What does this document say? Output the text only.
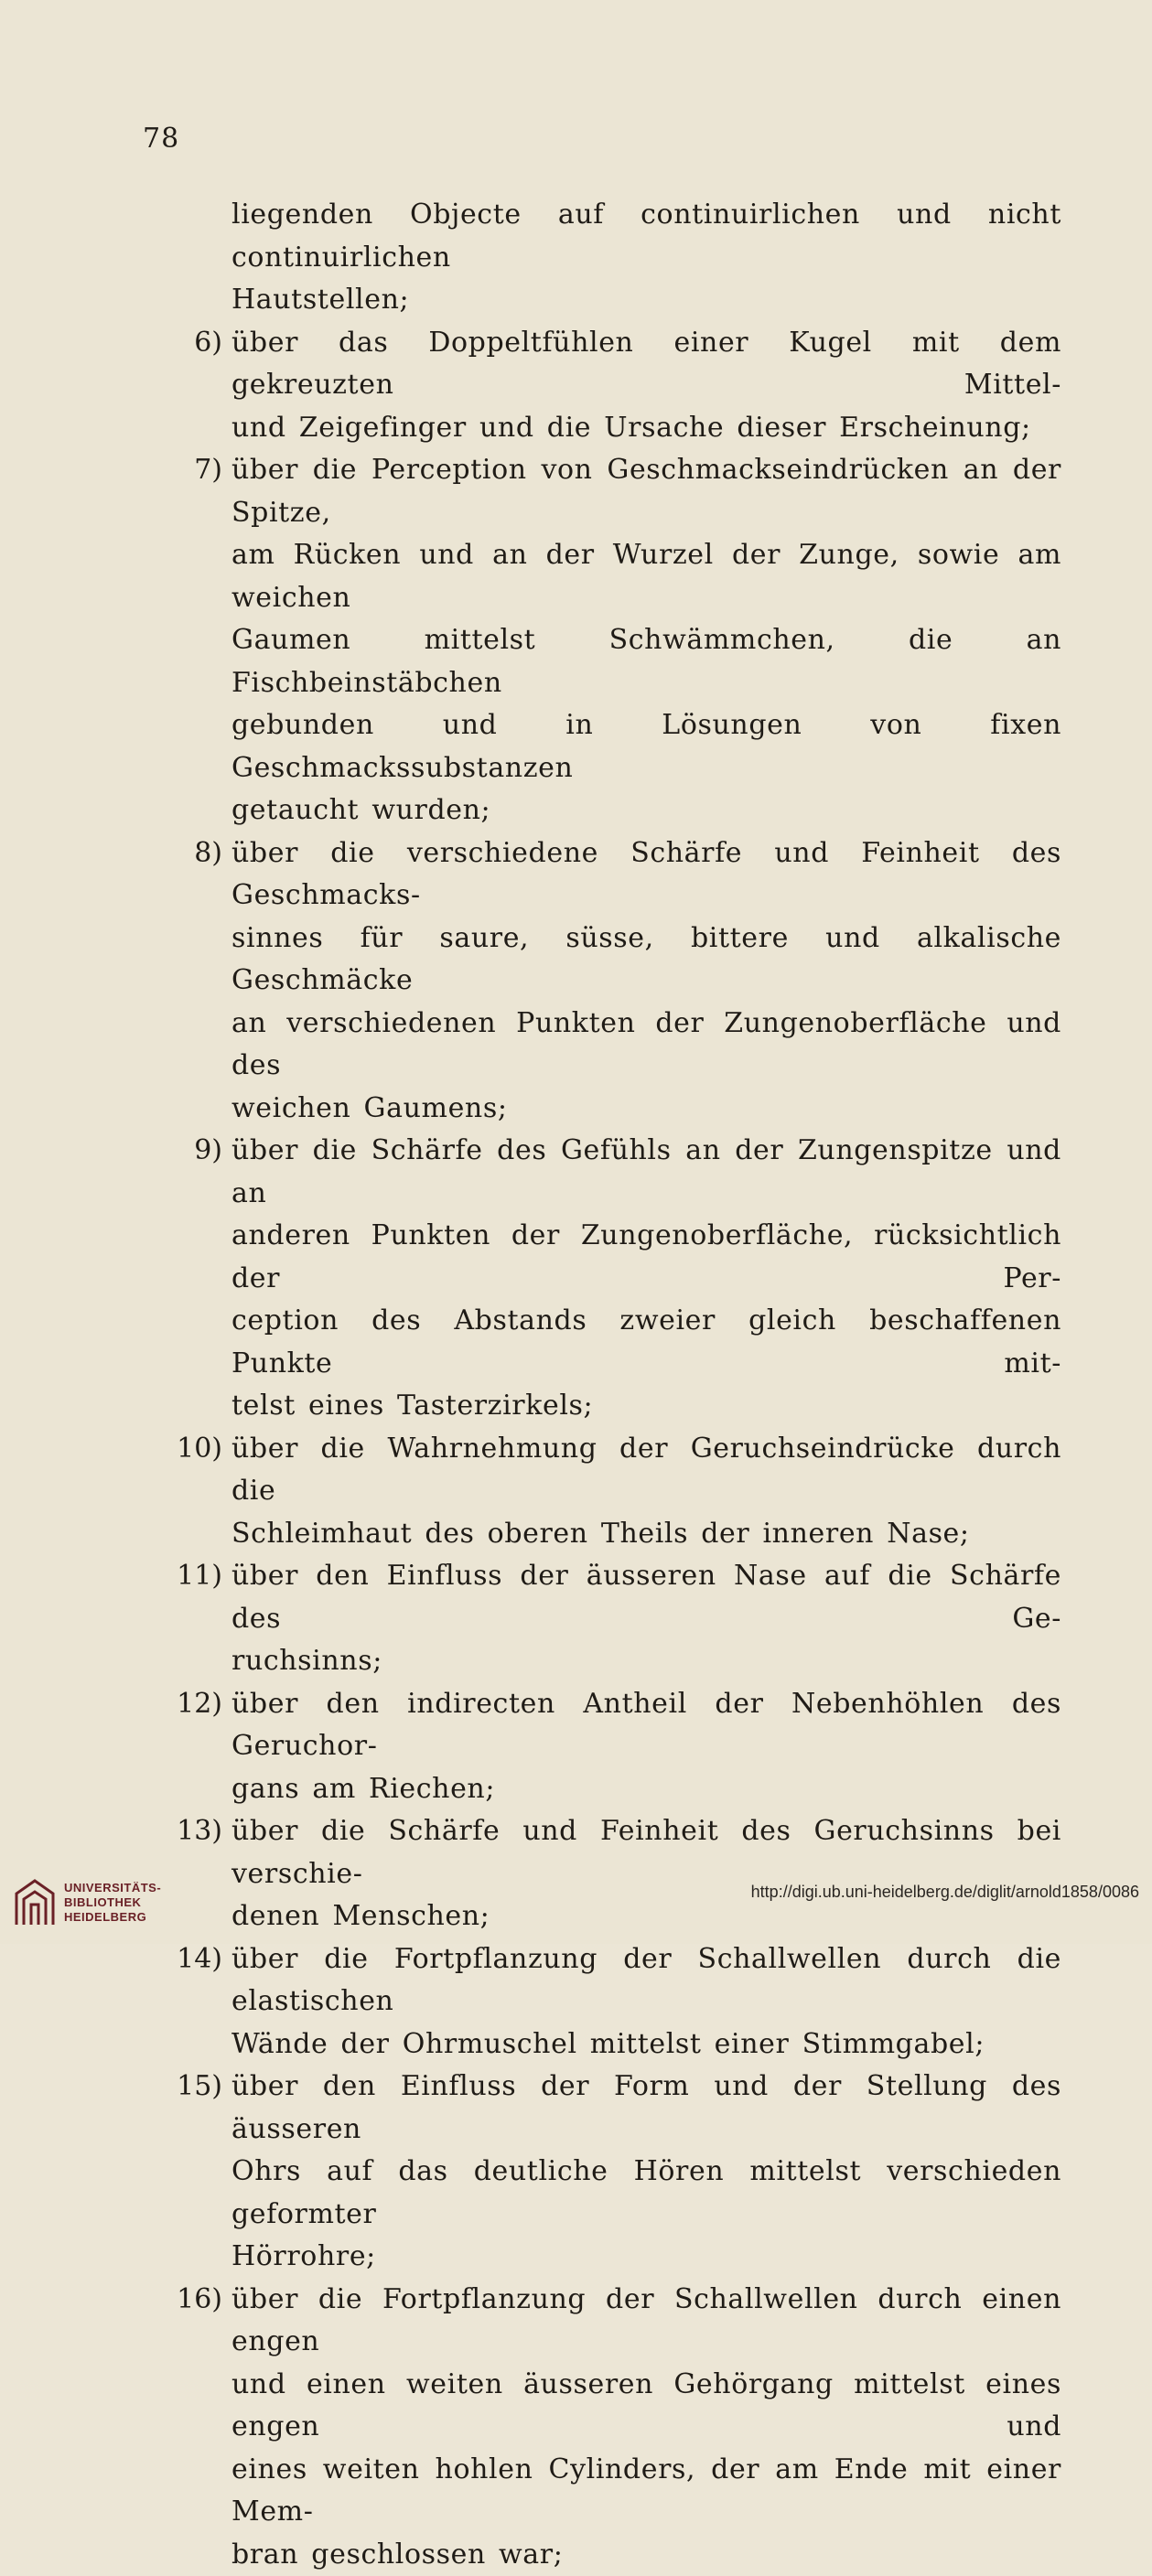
78
liegenden Objecte auf continuirlichen und nicht continuirlichen
Hautstellen;
6) über das Doppeltfühlen einer Kugel mit dem gekreuzten Mittel-
und Zeigefinger und die Ursache dieser Erscheinung;
7) über die Perception von Geschmackseindrücken an der Spitze,
am Rücken und an der Wurzel der Zunge, sowie am weichen
Gaumen mittelst Schwämmchen, die an Fischbeinstäbchen
gebunden und in Lösungen von fixen Geschmackssubstanzen
getaucht wurden;
8) über die verschiedene Schärfe und Feinheit des Geschmacks-
sinnes für saure, süsse, bittere und alkalische Geschmäcke
an verschiedenen Punkten der Zungenoberfläche und des
weichen Gaumens;
9) über die Schärfe des Gefühls an der Zungenspitze und an
anderen Punkten der Zungenoberfläche, rücksichtlich der Per-
ception des Abstands zweier gleich beschaffenen Punkte mit-
telst eines Tasterzirkels;
10) über die Wahrnehmung der Geruchseindrücke durch die
Schleimhaut des oberen Theils der inneren Nase;
11) über den Einfluss der äusseren Nase auf die Schärfe des Ge-
ruchsinns;
12) über den indirecten Antheil der Nebenhöhlen des Geruchor-
gans am Riechen;
13) über die Schärfe und Feinheit des Geruchsinns bei verschie-
denen Menschen;
14) über die Fortpflanzung der Schallwellen durch die elastischen
Wände der Ohrmuschel mittelst einer Stimmgabel;
15) über den Einfluss der Form und der Stellung des äusseren
Ohrs auf das deutliche Hören mittelst verschieden geformter
Hörrohre;
16) über die Fortpflanzung der Schallwellen durch einen engen
und einen weiten äusseren Gehörgang mittelst eines engen und
eines weiten hohlen Cylinders, der am Ende mit einer Mem-
bran geschlossen war;
UNIVERSITÄTS-
BIBLIOTHEK
HEIDELBERG
http://digi.ub.uni-heidelberg.de/diglit/arnold1858/0086
